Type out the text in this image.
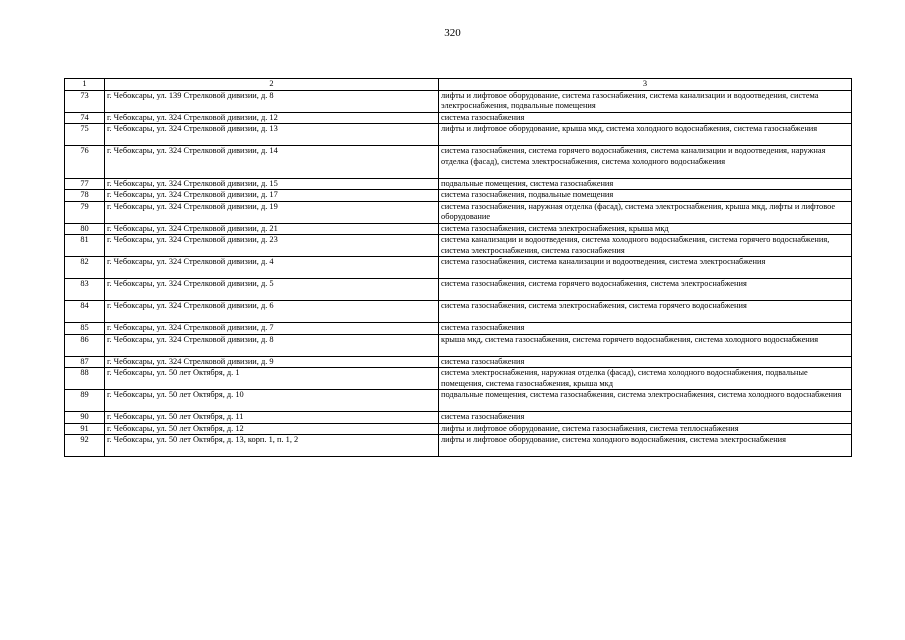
320
1	2	3
73	г. Чебоксары, ул. 139 Стрелковой дивизии, д. 8	лифты и лифтовое оборудование, система газоснабжения, система канализации и водоотведения, система электроснабжения, подвальные помещения
74	г. Чебоксары, ул. 324 Стрелковой дивизии, д. 12	система газоснабжения
75	г. Чебоксары, ул. 324 Стрелковой дивизии, д. 13	лифты и лифтовое оборудование, крыша мкд, система холодного водоснабжения, система газоснабжения
76	г. Чебоксары, ул. 324 Стрелковой дивизии, д. 14	система газоснабжения, система горячего водоснабжения, система канализации и водоотведения, наружная отделка (фасад), система электроснабжения, система холодного водоснабжения
77	г. Чебоксары, ул. 324 Стрелковой дивизии, д. 15	подвальные помещения, система газоснабжения
78	г. Чебоксары, ул. 324 Стрелковой дивизии, д. 17	система газоснабжения, подвальные помещения
79	г. Чебоксары, ул. 324 Стрелковой дивизии, д. 19	система газоснабжения, наружная отделка (фасад), система электроснабжения, крыша мкд, лифты и лифтовое оборудование
80	г. Чебоксары, ул. 324 Стрелковой дивизии, д. 21	система газоснабжения, система электроснабжения, крыша мкд
81	г. Чебоксары, ул. 324 Стрелковой дивизии, д. 23	система канализации и водоотведения, система холодного водоснабжения, система горячего водоснабжения, система электроснабжения, система газоснабжения
82	г. Чебоксары, ул. 324 Стрелковой дивизии, д. 4	система газоснабжения, система канализации и водоотведения, система электроснабжения
83	г. Чебоксары, ул. 324 Стрелковой дивизии, д. 5	система газоснабжения, система горячего водоснабжения, система электроснабжения
84	г. Чебоксары, ул. 324 Стрелковой дивизии, д. 6	система газоснабжения, система электроснабжения, система горячего водоснабжения
85	г. Чебоксары, ул. 324 Стрелковой дивизии, д. 7	система газоснабжения
86	г. Чебоксары, ул. 324 Стрелковой дивизии, д. 8	крыша мкд, система газоснабжения, система горячего водоснабжения, система холодного водоснабжения
87	г. Чебоксары, ул. 324 Стрелковой дивизии, д. 9	система газоснабжения
88	г. Чебоксары, ул. 50 лет Октября, д. 1	система электроснабжения, наружная отделка (фасад), система холодного водоснабжения, подвальные помещения, система газоснабжения, крыша мкд
89	г. Чебоксары, ул. 50 лет Октября, д. 10	подвальные помещения, система газоснабжения, система электроснабжения, система холодного водоснабжения
90	г. Чебоксары, ул. 50 лет Октября, д. 11	система газоснабжения
91	г. Чебоксары, ул. 50 лет Октября, д. 12	лифты и лифтовое оборудование, система газоснабжения, система теплоснабжения
92	г. Чебоксары, ул. 50 лет Октября, д. 13, корп. 1, п. 1, 2	лифты и лифтовое оборудование, система холодного водоснабжения, система электроснабжения
